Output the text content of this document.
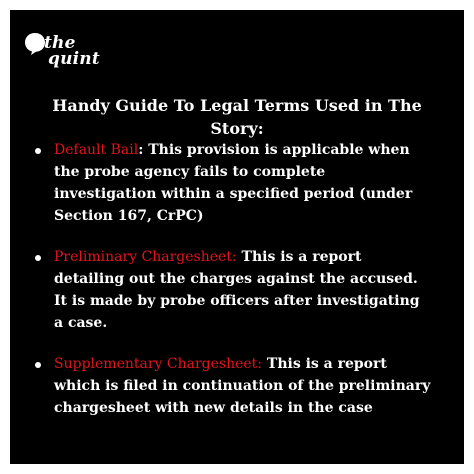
the
quint
Handy Guide To Legal Terms Used in The Story:
Default Bail: This provision is applicable when the probe agency fails to complete investigation within a specified period (under Section 167, CrPC)
Preliminary Chargesheet: This is a report detailing out the charges against the accused. It is made by probe officers after investigating a case.
Supplementary Chargesheet: This is a report which is filed in continuation of the preliminary chargesheet with new details in the case
